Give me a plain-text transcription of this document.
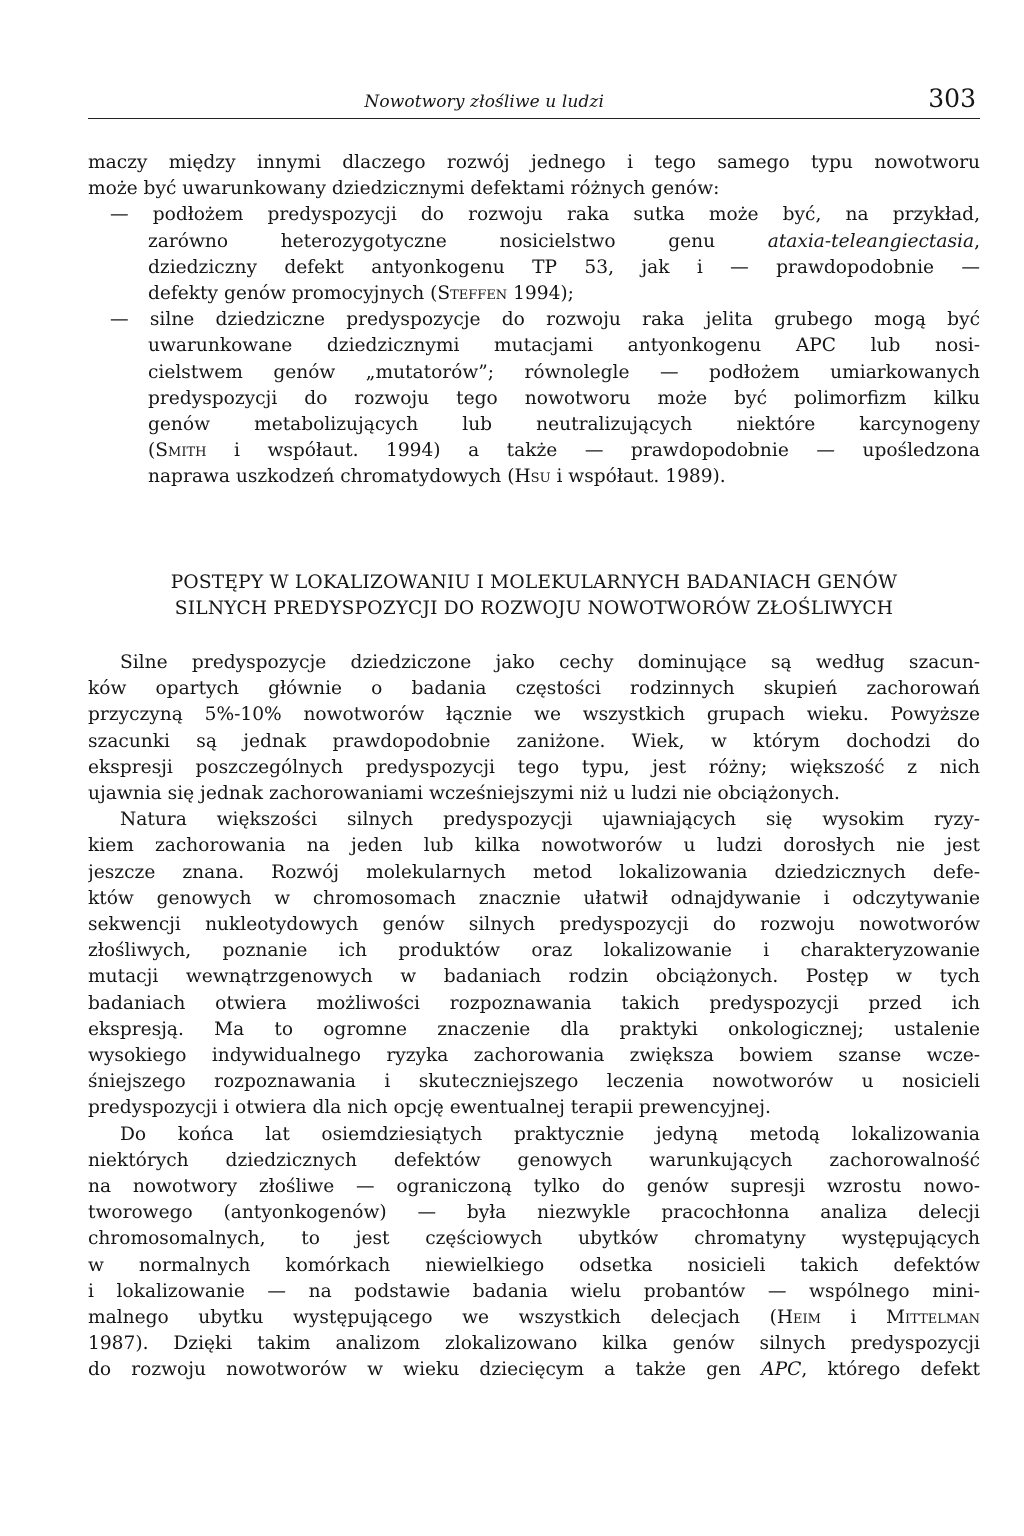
Nowotwory złośliwe u ludzi	303
maczy między innymi dlaczego rozwój jednego i tego samego typu nowotworu
może być uwarunkowany dziedzicznymi defektami różnych genów:
— podłożem predyspozycji do rozwoju raka sutka może być, na przykład,
zarówno heterozygotyczne nosicielstwo genu ataxia-teleangiectasia,
dziedziczny defekt antyonkogenu TP 53, jak i — prawdopodobnie —
defekty genów promocyjnych (Steffen 1994);
— silne dziedziczne predyspozycje do rozwoju raka jelita grubego mogą być
uwarunkowane dziedzicznymi mutacjami antyonkogenu APC lub nosi-
cielstwem genów „mutatorów”; równolegle — podłożem umiarkowanych
predyspozycji do rozwoju tego nowotworu może być polimorfizm kilku
genów metabolizujących lub neutralizujących niektóre karcynogeny
(Smith i współaut. 1994) a także — prawdopodobnie — upośledzona
naprawa uszkodzeń chromatydowych (Hsu i współaut. 1989).
POSTĘPY W LOKALIZOWANIU I MOLEKULARNYCH BADANIACH GENÓW
SILNYCH PREDYSPOZYCJI DO ROZWOJU NOWOTWORÓW ZŁOŚLIWYCH
Silne predyspozycje dziedziczone jako cechy dominujące są według szacun-
ków opartych głównie o badania częstości rodzinnych skupień zachorowań
przyczyną 5%-10% nowotworów łącznie we wszystkich grupach wieku. Powyższe
szacunki są jednak prawdopodobnie zaniżone. Wiek, w którym dochodzi do
ekspresji poszczególnych predyspozycji tego typu, jest różny; większość z nich
ujawnia się jednak zachorowaniami wcześniejszymi niż u ludzi nie obciążonych.
Natura większości silnych predyspozycji ujawniających się wysokim ryzy-
kiem zachorowania na jeden lub kilka nowotworów u ludzi dorosłych nie jest
jeszcze znana. Rozwój molekularnych metod lokalizowania dziedzicznych defe-
któw genowych w chromosomach znacznie ułatwił odnajdywanie i odczytywanie
sekwencji nukleotydowych genów silnych predyspozycji do rozwoju nowotworów
złośliwych, poznanie ich produktów oraz lokalizowanie i charakteryzowanie
mutacji wewnątrzgenowych w badaniach rodzin obciążonych. Postęp w tych
badaniach otwiera możliwości rozpoznawania takich predyspozycji przed ich
ekspresją. Ma to ogromne znaczenie dla praktyki onkologicznej; ustalenie
wysokiego indywidualnego ryzyka zachorowania zwiększa bowiem szanse wcze-
śniejszego rozpoznawania i skuteczniejszego leczenia nowotworów u nosicieli
predyspozycji i otwiera dla nich opcję ewentualnej terapii prewencyjnej.
Do końca lat osiemdziesiątych praktycznie jedyną metodą lokalizowania
niektórych dziedzicznych defektów genowych warunkujących zachorowalność
na nowotwory złośliwe — ograniczoną tylko do genów supresji wzrostu nowo-
tworowego (antyonkogenów) — była niezwykle pracochłonna analiza delecji
chromosomalnych, to jest częściowych ubytków chromatyny występujących
w normalnych komórkach niewielkiego odsetka nosicieli takich defektów
i lokalizowanie — na podstawie badania wielu probantów — wspólnego mini-
malnego ubytku występującego we wszystkich delecjach (Heim i Mittelman
1987). Dzięki takim analizom zlokalizowano kilka genów silnych predyspozycji
do rozwoju nowotworów w wieku dziecięcym a także gen APC, którego defekt
